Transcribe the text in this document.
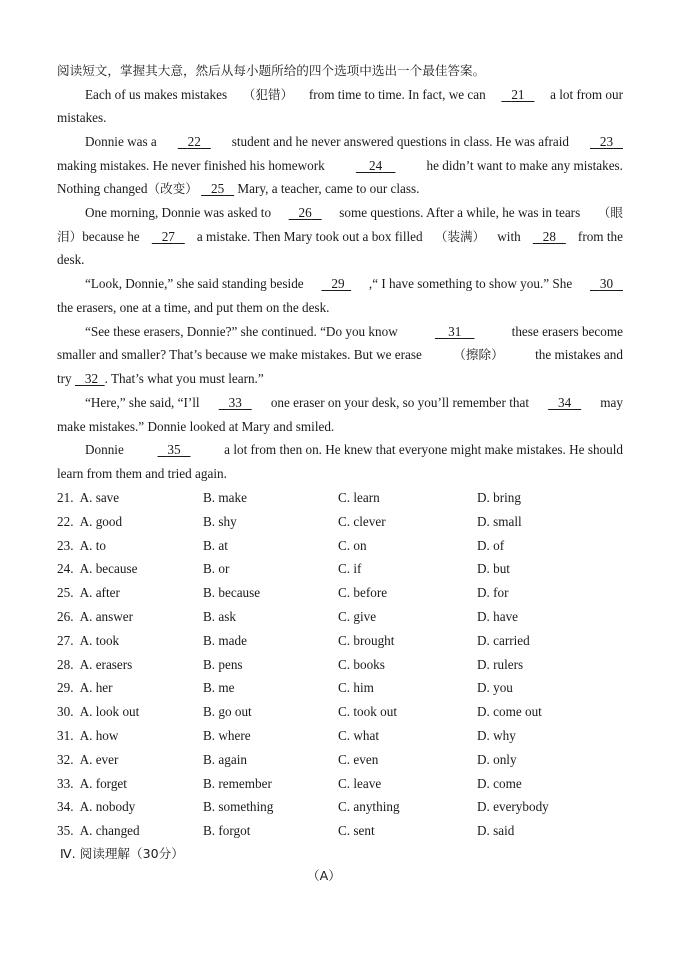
阅读短文，掌握其大意，然后从每小题所给的四个选项中选出一个最佳答案。
Each of us makes mistakes （犯错） from time to time. In fact, we can	21	a lot from our
mistakes.
Donnie was a	22	student and he never answered questions in class. He was afraid	23
making mistakes. He never finished his homework	24	he didn’t want to make any mistakes.
Nothing changed（改变） 25 Mary, a teacher, came to our class.
One morning, Donnie was asked to	26	some questions. After a while, he was in tears （眼
泪）because he	27	a mistake. Then Mary took out a box filled （装满） with	28	from the
desk.
“Look, Donnie,” she said standing beside	29	,“ I have something to show you.” She	30
the erasers, one at a time, and put them on the desk.
“See these erasers, Donnie?” she continued. “Do you know	31	these erasers become
smaller and smaller? That’s because we make mistakes. But we erase （擦除） the mistakes and
try 32 . That’s what you must learn.”
“Here,” she said, “I’ll	33	one eraser on your desk, so you’ll remember that	34	may
make mistakes.” Donnie looked at Mary and smiled.
Donnie	35	a lot from then on. He knew that everyone might make mistakes. He should
learn from them and tried again.
21. A. save	B. make	C. learn	D. bring
22. A. good	B. shy	C. clever	D. small
23. A. to	B. at	C. on	D. of
24. A. because	B. or	C. if	D. but
25. A. after	B. because	C. before	D. for
26. A. answer	B. ask	C. give	D. have
27. A. took	B. made	C. brought	D. carried
28. A. erasers	B. pens	C. books	D. rulers
29. A. her	B. me	C. him	D. you
30. A. look out	B. go out	C. took out	D. come out
31. A. how	B. where	C. what	D. why
32. A. ever	B. again	C. even	D. only
33. A. forget	B. remember	C. leave	D. come
34. A. nobody	B. something	C. anything	D. everybody
35. A. changed	B. forgot	C. sent	D. said
Ⅳ. 阅读理解（30分）
（A）
